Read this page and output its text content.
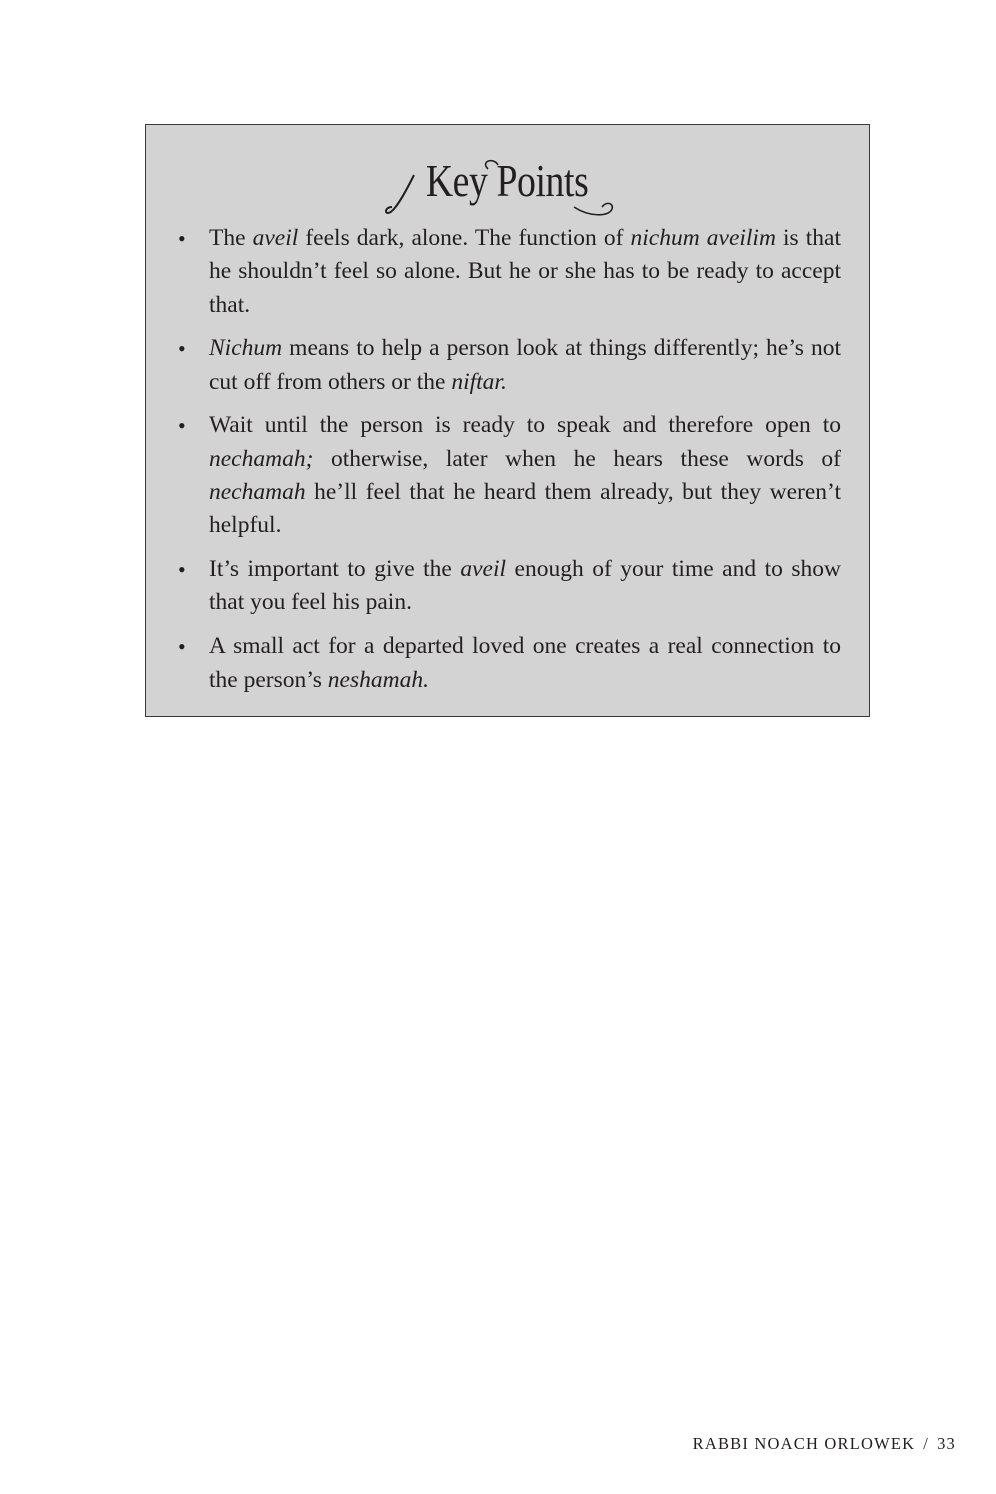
Key Points
• The aveil feels dark, alone. The function of nichum aveilim is that he shouldn’t feel so alone. But he or she has to be ready to accept that.
• Nichum means to help a person look at things differently; he’s not cut off from others or the niftar.
• Wait until the person is ready to speak and therefore open to nechamah; otherwise, later when he hears these words of nechamah he’ll feel that he heard them already, but they weren’t helpful.
• It’s important to give the aveil enough of your time and to show that you feel his pain.
• A small act for a departed loved one creates a real connection to the person’s neshamah.
RABBI NOACH ORLOWEK / 33
